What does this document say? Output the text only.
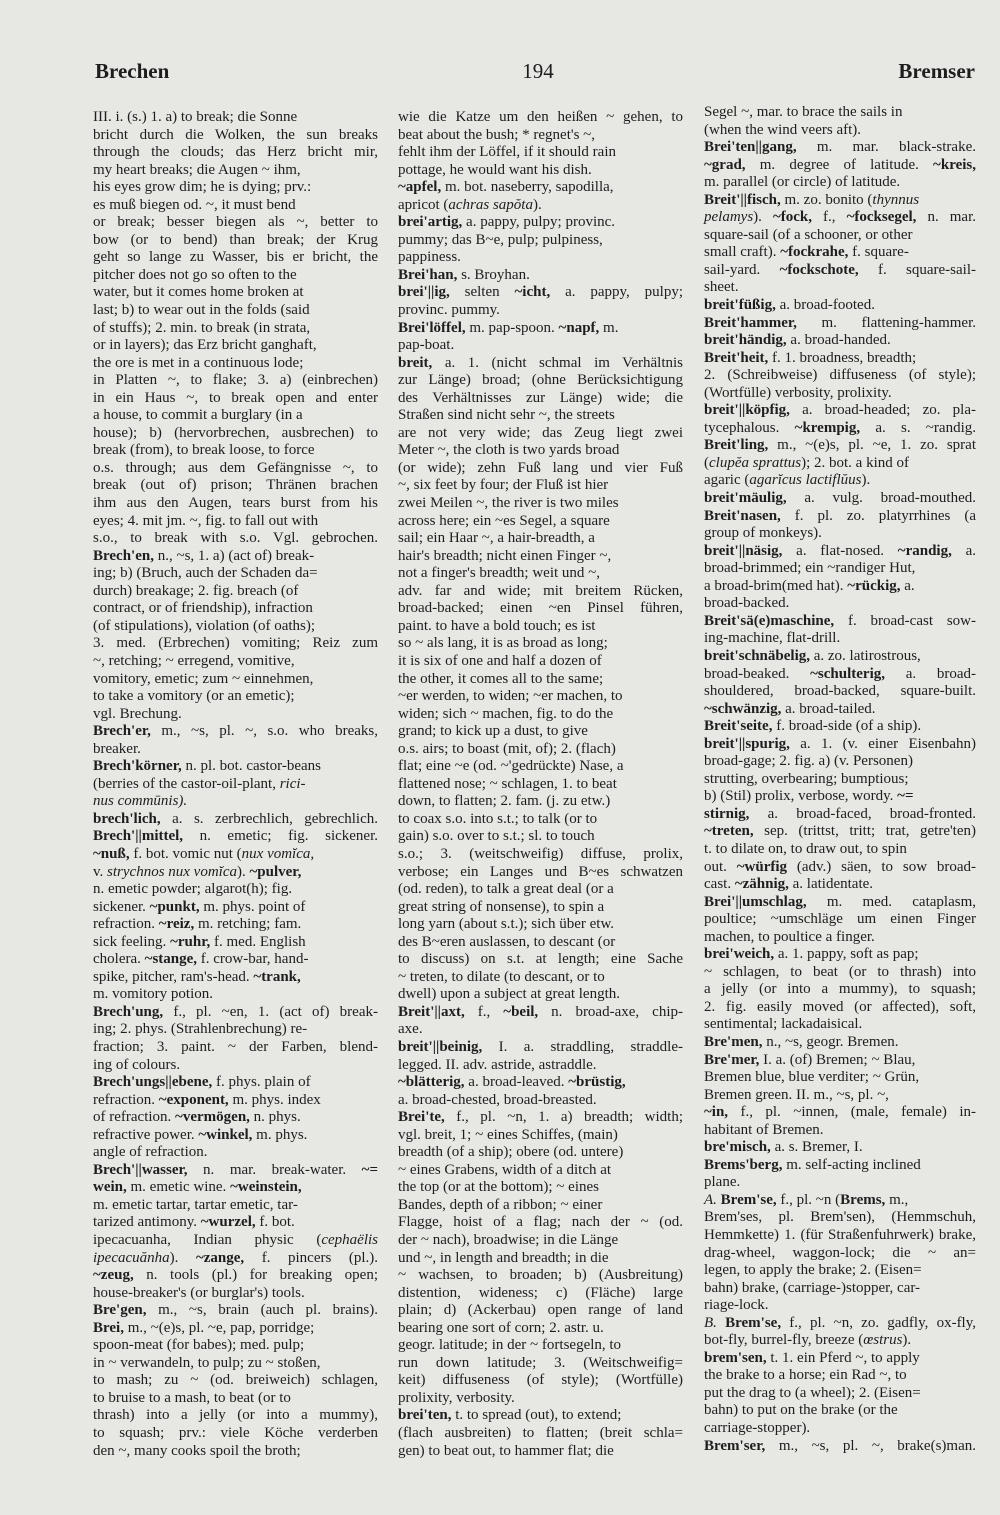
Brechen	194	Bremser
III. i. (s.) 1. a) to break; die Sonne
bricht durch die Wolken, the sun breaks
through the clouds; das Herz bricht mir,
my heart breaks; die Augen ~ ihm,
his eyes grow dim; he is dying; prv.:
es muß biegen od. ~, it must bend
or break; besser biegen als ~, better to
bow (or to bend) than break; der Krug
geht so lange zu Wasser, bis er bricht, the
pitcher does not go so often to the
water, but it comes home broken at
last; b) to wear out in the folds (said
of stuffs); 2. min. to break (in strata,
or in layers); das Erz bricht ganghaft,
the ore is met in a continuous lode;
in Platten ~, to flake; 3. a) (einbrechen)
in ein Haus ~, to break open and enter
a house, to commit a burglary (in a
house); b) (hervorbrechen, ausbrechen) to
break (from), to break loose, to force
o.s. through; aus dem Gefängnisse ~, to
break (out of) prison; Thränen brachen
ihm aus den Augen, tears burst from his
eyes; 4. mit jm. ~, fig. to fall out with
s.o., to break with s.o. Vgl. gebrochen.
Brech'en, n., ~s, 1. a) (act of) break-
ing; b) (Bruch, auch der Schaden da=
durch) breakage; 2. fig. breach (of
contract, or of friendship), infraction
(of stipulations), violation (of oaths);
3. med. (Erbrechen) vomiting; Reiz zum
~, retching; ~ erregend, vomitive,
vomitory, emetic; zum ~ einnehmen,
to take a vomitory (or an emetic);
vgl. Brechung.
Brech'er, m., ~s, pl. ~, s.o. who breaks,
breaker.
Brech'körner, n. pl. bot. castor-beans
(berries of the castor-oil-plant, rici-
nus commūnis).
brech'lich, a. s. zerbrechlich, gebrechlich.
Brech'||mittel, n. emetic; fig. sickener.
~nuß, f. bot. vomic nut (nux vomĭca,
v. strychnos nux vomĭca). ~pulver,
n. emetic powder; algarot(h); fig.
sickener. ~punkt, m. phys. point of
refraction. ~reiz, m. retching; fam.
sick feeling. ~ruhr, f. med. English
cholera. ~stange, f. crow-bar, hand-
spike, pitcher, ram's-head. ~trank,
m. vomitory potion.
Brech'ung, f., pl. ~en, 1. (act of) break-
ing; 2. phys. (Strahlenbrechung) re-
fraction; 3. paint. ~ der Farben, blend-
ing of colours.
Brech'ungs||ebene, f. phys. plain of
refraction. ~exponent, m. phys. index
of refraction. ~vermögen, n. phys.
refractive power. ~winkel, m. phys.
angle of refraction.
Brech'||wasser, n. mar. break-water. ~=
wein, m. emetic wine. ~weinstein,
m. emetic tartar, tartar emetic, tar-
tarized antimony. ~wurzel, f. bot.
ipecacuanha, Indian physic (cephaëlis
ipecacuănha). ~zange, f. pincers (pl.).
~zeug, n. tools (pl.) for breaking open;
house-breaker's (or burglar's) tools.
Bre'gen, m., ~s, brain (auch pl. brains).
Brei, m., ~(e)s, pl. ~e, pap, porridge;
spoon-meat (for babes); med. pulp;
in ~ verwandeln, to pulp; zu ~ stoßen,
to mash; zu ~ (od. breiweich) schlagen,
to bruise to a mash, to beat (or to
thrash) into a jelly (or into a mummy),
to squash; prv.: viele Köche verderben
den ~, many cooks spoil the broth;
wie die Katze um den heißen ~ gehen, to
beat about the bush; * regnet's ~,
fehlt ihm der Löffel, if it should rain
pottage, he would want his dish.
~apfel, m. bot. naseberry, sapodilla,
apricot (achras sapŏta).
brei'artig, a. pappy, pulpy; provinc.
pummy; das B~e, pulp; pulpiness,
pappiness.
Brei'han, s. Broyhan.
brei'||ig, selten ~icht, a. pappy, pulpy;
provinc. pummy.
Brei'löffel, m. pap-spoon. ~napf, m.
pap-boat.
breit, a. 1. (nicht schmal im Verhältnis
zur Länge) broad; (ohne Berücksichtigung
des Verhältnisses zur Länge) wide; die
Straßen sind nicht sehr ~, the streets
are not very wide; das Zeug liegt zwei
Meter ~, the cloth is two yards broad
(or wide); zehn Fuß lang und vier Fuß
~, six feet by four; der Fluß ist hier
zwei Meilen ~, the river is two miles
across here; ein ~es Segel, a square
sail; ein Haar ~, a hair-breadth, a
hair's breadth; nicht einen Finger ~,
not a finger's breadth; weit und ~,
adv. far and wide; mit breitem Rücken,
broad-backed; einen ~en Pinsel führen,
paint. to have a bold touch; es ist
so ~ als lang, it is as broad as long;
it is six of one and half a dozen of
the other, it comes all to the same;
~er werden, to widen; ~er machen, to
widen; sich ~ machen, fig. to do the
grand; to kick up a dust, to give
o.s. airs; to boast (mit, of); 2. (flach)
flat; eine ~e (od. ~'gedrückte) Nase, a
flattened nose; ~ schlagen, 1. to beat
down, to flatten; 2. fam. (j. zu etw.)
to coax s.o. into s.t.; to talk (or to
gain) s.o. over to s.t.; sl. to touch
s.o.; 3. (weitschweifig) diffuse, prolix,
verbose; ein Langes und B~es schwatzen
(od. reden), to talk a great deal (or a
great string of nonsense), to spin a
long yarn (about s.t.); sich über etw.
des B~eren auslassen, to descant (or
to discuss) on s.t. at length; eine Sache
~ treten, to dilate (to descant, or to
dwell) upon a subject at great length.
Breit'||axt, f., ~beil, n. broad-axe, chip-
axe.
breit'||beinig, I. a. straddling, straddle-
legged. II. adv. astride, astraddle.
~blätterig, a. broad-leaved. ~brüstig,
a. broad-chested, broad-breasted.
Brei'te, f., pl. ~n, 1. a) breadth; width;
vgl. breit, 1; ~ eines Schiffes, (main)
breadth (of a ship); obere (od. untere)
~ eines Grabens, width of a ditch at
the top (or at the bottom); ~ eines
Bandes, depth of a ribbon; ~ einer
Flagge, hoist of a flag; nach der ~ (od.
der ~ nach), broadwise; in die Länge
und ~, in length and breadth; in die
~ wachsen, to broaden; b) (Ausbreitung)
distention, wideness; c) (Fläche) large
plain; d) (Ackerbau) open range of land
bearing one sort of corn; 2. astr. u.
geogr. latitude; in der ~ fortsegeln, to
run down latitude; 3. (Weitschweifig=
keit) diffuseness (of style); (Wortfülle)
prolixity, verbosity.
brei'ten, t. to spread (out), to extend;
(flach ausbreiten) to flatten; (breit schla=
gen) to beat out, to hammer flat; die
Segel ~, mar. to brace the sails in
(when the wind veers aft).
Brei'ten||gang, m. mar. black-strake.
~grad, m. degree of latitude. ~kreis,
m. parallel (or circle) of latitude.
Breit'||fisch, m. zo. bonito (thynnus
pelamys). ~fock, f., ~focksegel, n. mar.
square-sail (of a schooner, or other
small craft). ~fockrahe, f. square-
sail-yard. ~fockschote, f. square-sail-
sheet.
breit'füßig, a. broad-footed.
Breit'hammer, m. flattening-hammer.
breit'händig, a. broad-handed.
Breit'heit, f. 1. broadness, breadth;
2. (Schreibweise) diffuseness (of style);
(Wortfülle) verbosity, prolixity.
breit'||köpfig, a. broad-headed; zo. pla-
tycephalous. ~krempig, a. s. ~randig.
Breit'ling, m., ~(e)s, pl. ~e, 1. zo. sprat
(clupĕa sprattus); 2. bot. a kind of
agaric (agarĭcus lactiflŭus).
breit'mäulig, a. vulg. broad-mouthed.
Breit'nasen, f. pl. zo. platyrrhines (a
group of monkeys).
breit'||näsig, a. flat-nosed. ~randig, a.
broad-brimmed; ein ~randiger Hut,
a broad-brim(med hat). ~rückig, a.
broad-backed.
Breit'sä(e)maschine, f. broad-cast sow-
ing-machine, flat-drill.
breit'schnäbelig, a. zo. latirostrous,
broad-beaked. ~schulterig, a. broad-
shouldered, broad-backed, square-built.
~schwänzig, a. broad-tailed.
Breit'seite, f. broad-side (of a ship).
breit'||spurig, a. 1. (v. einer Eisenbahn)
broad-gage; 2. fig. a) (v. Personen)
strutting, overbearing; bumptious;
b) (Stil) prolix, verbose, wordy. ~=
stirnig, a. broad-faced, broad-fronted.
~treten, sep. (trittst, tritt; trat, getre'ten)
t. to dilate on, to draw out, to spin
out. ~würfig (adv.) säen, to sow broad-
cast. ~zähnig, a. latidentate.
Brei'||umschlag, m. med. cataplasm,
poultice; ~umschläge um einen Finger
machen, to poultice a finger.
brei'weich, a. 1. pappy, soft as pap;
~ schlagen, to beat (or to thrash) into
a jelly (or into a mummy), to squash;
2. fig. easily moved (or affected), soft,
sentimental; lackadaisical.
Bre'men, n., ~s, geogr. Bremen.
Bre'mer, I. a. (of) Bremen; ~ Blau,
Bremen blue, blue verditer; ~ Grün,
Bremen green. II. m., ~s, pl. ~,
~in, f., pl. ~innen, (male, female) in-
habitant of Bremen.
bre'misch, a. s. Bremer, I.
Brems'berg, m. self-acting inclined
plane.
A. Brem'se, f., pl. ~n (Brems, m.,
Brem'ses, pl. Brem'sen), (Hemmschuh,
Hemmkette) 1. (für Straßenfuhrwerk) brake,
drag-wheel, waggon-lock; die ~ an=
legen, to apply the brake; 2. (Eisen=
bahn) brake, (carriage-)stopper, car-
riage-lock.
B. Brem'se, f., pl. ~n, zo. gadfly, ox-fly,
bot-fly, burrel-fly, breeze (œstrus).
brem'sen, t. 1. ein Pferd ~, to apply
the brake to a horse; ein Rad ~, to
put the drag to (a wheel); 2. (Eisen=
bahn) to put on the brake (or the
carriage-stopper).
Brem'ser, m., ~s, pl. ~, brake(s)man.
